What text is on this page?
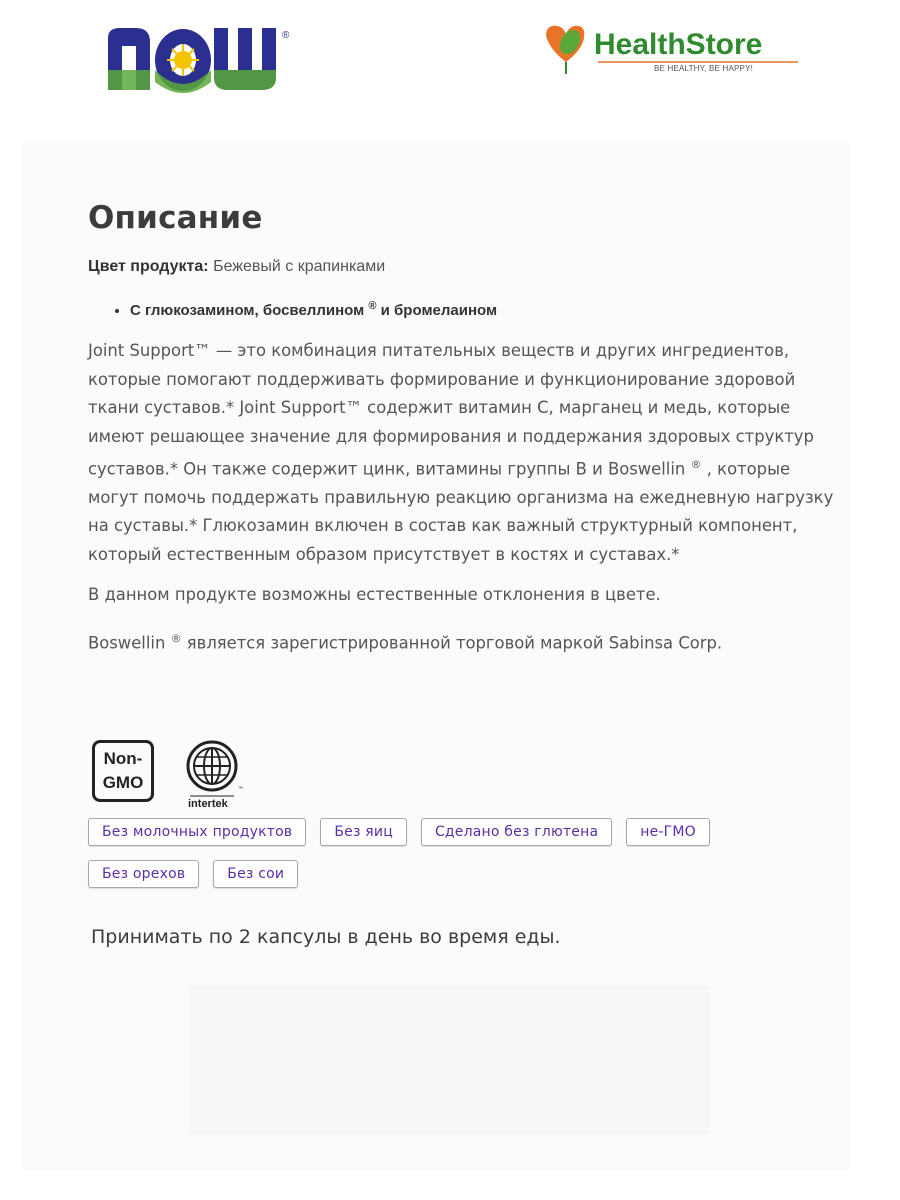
®	HealthStore
BE HEALTHY, BE HAPPY!
Описание

Цвет продукта: Бежевый с крапинками

• С глюкозамином, босвеллином ® и бромелаином

Joint Support™ — это комбинация питательных веществ и других ингредиентов, которые помогают поддерживать формирование и функционирование здоровой ткани суставов.* Joint Support™ содержит витамин C, марганец и медь, которые имеют решающее значение для формирования и поддержания здоровых структур суставов.* Он также содержит цинк, витамины группы B и Boswellin ® , которые могут помочь поддержать правильную реакцию организма на ежедневную нагрузку на суставы.* Глюкозамин включен в состав как важный структурный компонент, который естественным образом присутствует в костях и суставах.*

В данном продукте возможны естественные отклонения в цвете.

Boswellin ® является зарегистрированной торговой маркой Sabinsa Corp.

Non-
GMO	™
intertek
Без молочных продуктов	Без яиц	Сделано без глютена	не-ГМО
Без орехов	Без сои
Принимать по 2 капсулы в день во время еды.
